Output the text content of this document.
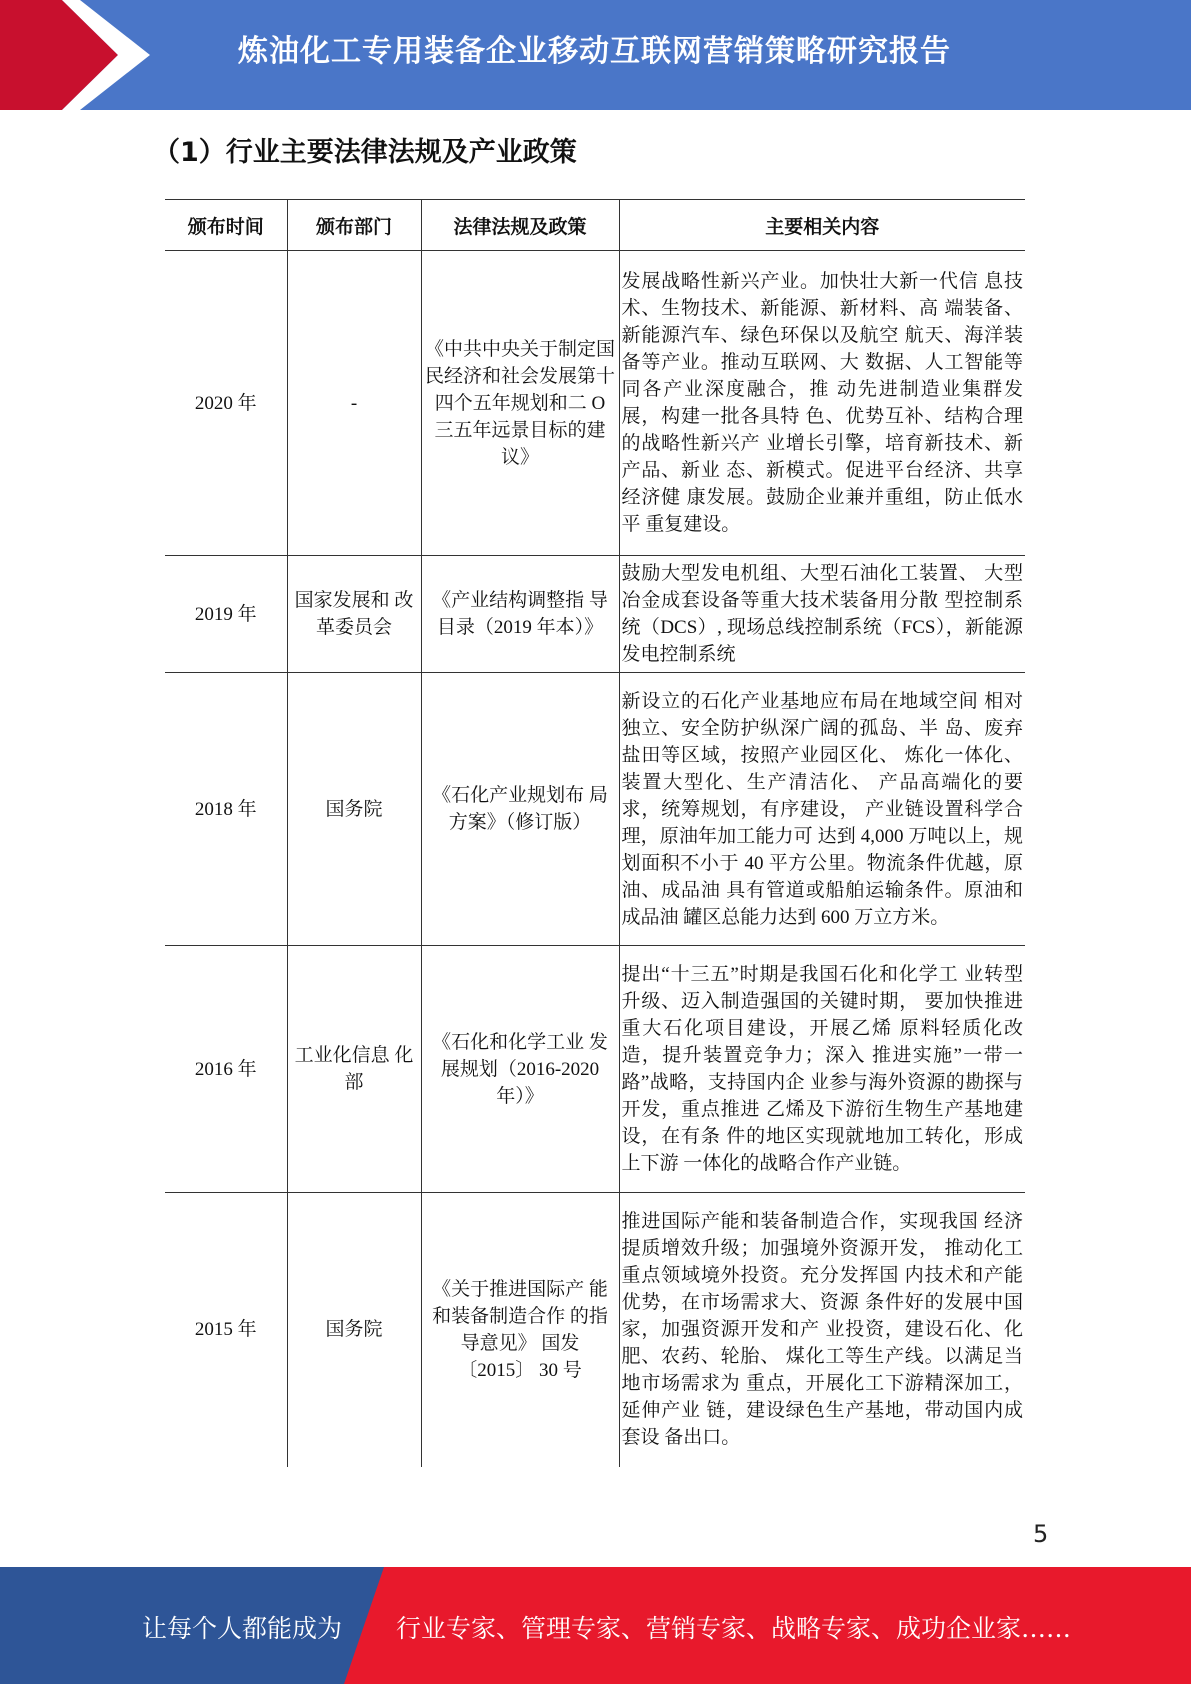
炼油化工专用装备企业移动互联网营销策略研究报告
（1）行业主要法律法规及产业政策
颁布时间	颁布部门	法律法规及政策	主要相关内容
2020 年	-	《中共中央关于制定国民经济和社会发展第十四个五年规划和二 O 三五年远景目标的建议》	发展战略性新兴产业。加快壮大新一代信 息技术、生物技术、新能源、新材料、高 端装备、新能源汽车、绿色环保以及航空 航天、海洋装备等产业。推动互联网、大 数据、人工智能等同各产业深度融合，推 动先进制造业集群发展，构建一批各具特 色、优势互补、结构合理的战略性新兴产 业增长引擎，培育新技术、新产品、新业 态、新模式。促进平台经济、共享经济健 康发展。鼓励企业兼并重组，防止低水平 重复建设。
2019 年	国家发展和 改革委员会	《产业结构调整指 导目录（2019 年本）》	鼓励大型发电机组、大型石油化工装置、 大型冶金成套设备等重大技术装备用分散 型控制系统（DCS）, 现场总线控制系统（FCS），新能源发电控制系统
2018 年	国务院	《石化产业规划布 局方案》（修订版）	新设立的石化产业基地应布局在地域空间 相对独立、安全防护纵深广阔的孤岛、半 岛、废弃盐田等区域，按照产业园区化、 炼化一体化、装置大型化、生产清洁化、 产品高端化的要求，统筹规划，有序建设， 产业链设置科学合理，原油年加工能力可 达到 4,000 万吨以上，规划面积不小于 40 平方公里。物流条件优越，原油、成品油 具有管道或船舶运输条件。原油和成品油 罐区总能力达到 600 万立方米。
2016 年	工业化信息 化部	《石化和化学工业 发展规划（2016-2020 年）》	提出“十三五”时期是我国石化和化学工 业转型升级、迈入制造强国的关键时期， 要加快推进重大石化项目建设，开展乙烯 原料轻质化改造，提升装置竞争力；深入 推进实施”一带一路”战略，支持国内企 业参与海外资源的勘探与开发，重点推进 乙烯及下游衍生物生产基地建设，在有条 件的地区实现就地加工转化，形成上下游 一体化的战略合作产业链。
2015 年	国务院	《关于推进国际产 能和装备制造合作 的指导意见》 国发〔2015〕 30 号	推进国际产能和装备制造合作，实现我国 经济提质增效升级；加强境外资源开发， 推动化工重点领域境外投资。充分发挥国 内技术和产能优势，在市场需求大、资源 条件好的发展中国家，加强资源开发和产 业投资，建设石化、化肥、农药、轮胎、 煤化工等生产线。以满足当地市场需求为 重点，开展化工下游精深加工，延伸产业 链，建设绿色生产基地，带动国内成套设 备出口。
5
让每个人都能成为 行业专家、管理专家、营销专家、战略专家、成功企业家……
